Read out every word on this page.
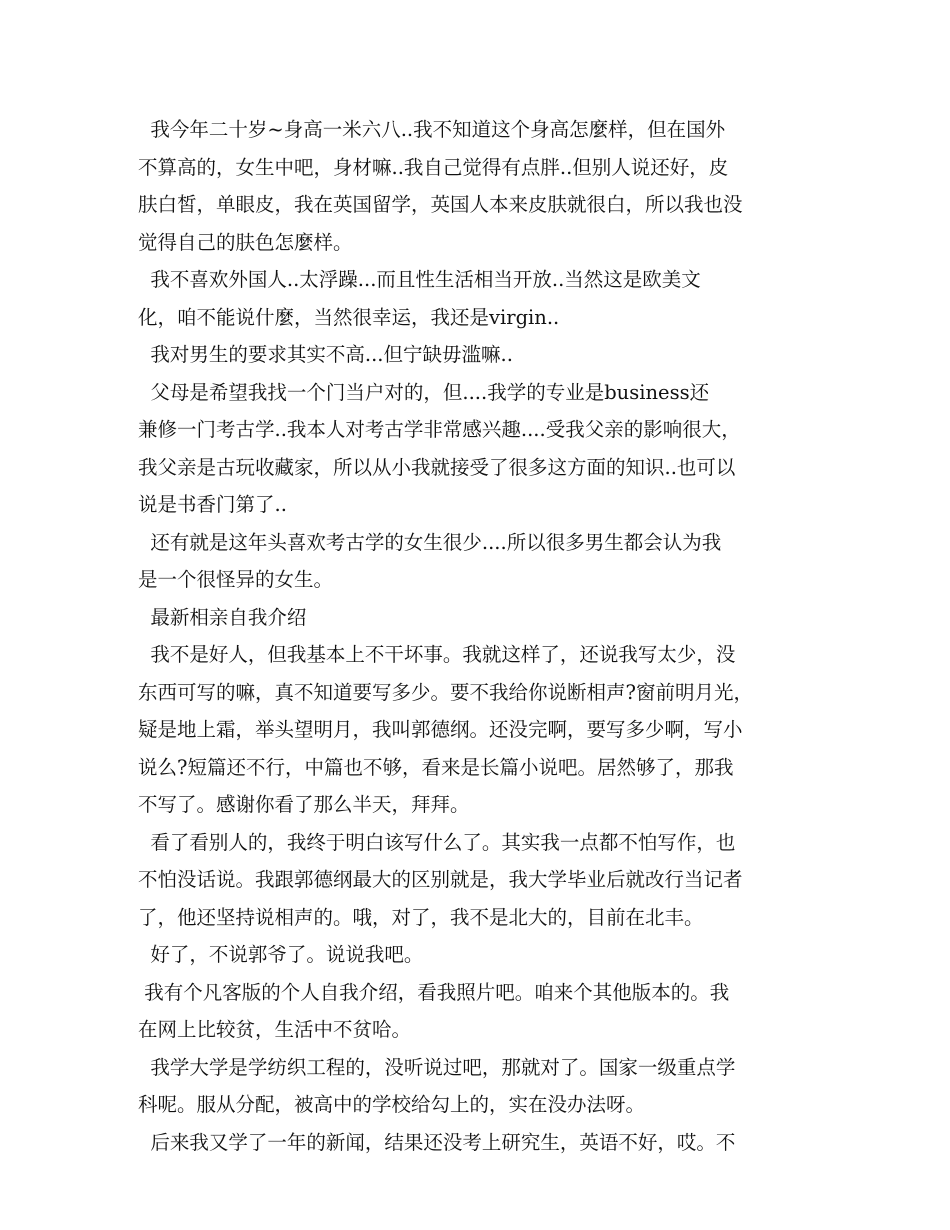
我今年二十岁~身高一米六八..我不知道这个身高怎麼样，但在国外
不算高的，女生中吧，身材嘛..我自己觉得有点胖..但别人说还好，皮
肤白皙，单眼皮，我在英国留学，英国人本来皮肤就很白，所以我也没
觉得自己的肤色怎麼样。
我不喜欢外国人..太浮躁...而且性生活相当开放..当然这是欧美文
化，咱不能说什麼，当然很幸运，我还是virgin..
我对男生的要求其实不高...但宁缺毋滥嘛..
父母是希望我找一个门当户对的，但....我学的专业是business还
兼修一门考古学..我本人对考古学非常感兴趣....受我父亲的影响很大，
我父亲是古玩收藏家，所以从小我就接受了很多这方面的知识..也可以
说是书香门第了..
还有就是这年头喜欢考古学的女生很少....所以很多男生都会认为我
是一个很怪异的女生。
最新相亲自我介绍
我不是好人，但我基本上不干坏事。我就这样了，还说我写太少，没
东西可写的嘛，真不知道要写多少。要不我给你说断相声?窗前明月光，
疑是地上霜，举头望明月，我叫郭德纲。还没完啊，要写多少啊，写小
说么?短篇还不行，中篇也不够，看来是长篇小说吧。居然够了，那我
不写了。感谢你看了那么半天，拜拜。
看了看别人的，我终于明白该写什么了。其实我一点都不怕写作，也
不怕没话说。我跟郭德纲最大的区别就是，我大学毕业后就改行当记者
了，他还坚持说相声的。哦，对了，我不是北大的，目前在北丰。
好了，不说郭爷了。说说我吧。
我有个凡客版的个人自我介绍，看我照片吧。咱来个其他版本的。我
在网上比较贫，生活中不贫哈。
我学大学是学纺织工程的，没听说过吧，那就对了。国家一级重点学
科呢。服从分配，被高中的学校给勾上的，实在没办法呀。
后来我又学了一年的新闻，结果还没考上研究生，英语不好，哎。不
